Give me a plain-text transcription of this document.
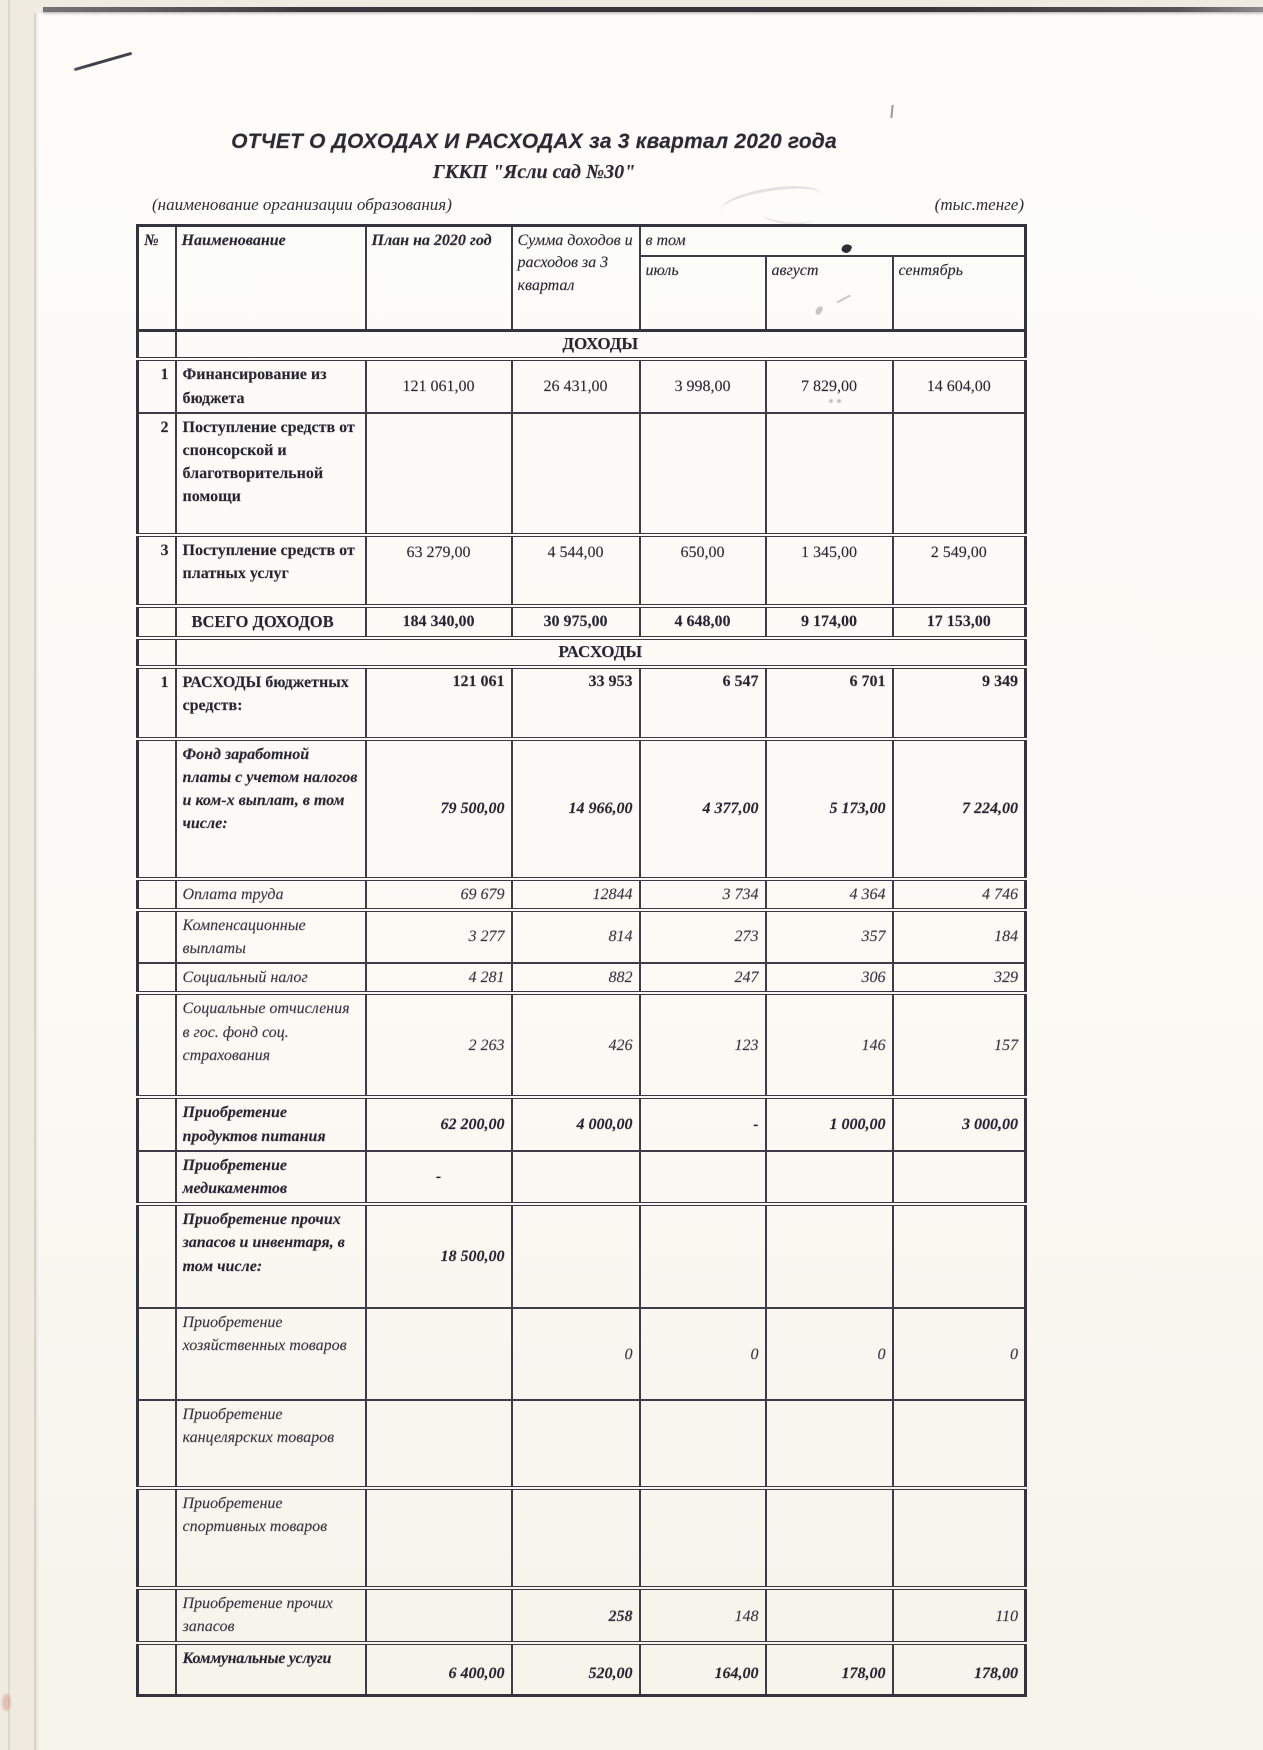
ОТЧЕТ О ДОХОДАХ И РАСХОДАХ за 3 квартал 2020 года
ГККП "Ясли сад №30"
(наименование организации образования)	(тыс.тенге)
№	Наименование	План на 2020 год	Сумма доходов и расходов за 3 квартал	в том		
				июль	август	сентябрь
	ДОХОДЫ					
1	Финансирование из бюджета	121 061,00	26 431,00	3 998,00	7 829,00	14 604,00
2	Поступление средств от спонсорской и благотворительной помощи					
3	Поступление средств от платных услуг	63 279,00	4 544,00	650,00	1 345,00	2 549,00
	ВСЕГО ДОХОДОВ	184 340,00	30 975,00	4 648,00	9 174,00	17 153,00
	РАСХОДЫ					
1	РАСХОДЫ бюджетных средств:	121 061	33 953	6 547	6 701	9 349
	Фонд заработной платы с учетом налогов и ком-х выплат, в том числе:	79 500,00	14 966,00	4 377,00	5 173,00	7 224,00
	Оплата труда	69 679	12844	3 734	4 364	4 746
	Компенсационные выплаты	3 277	814	273	357	184
	Социальный налог	4 281	882	247	306	329
	Социальные отчисления в гос. фонд соц. страхования	2 263	426	123	146	157
	Приобретение продуктов питания	62 200,00	4 000,00	-	1 000,00	3 000,00
	Приобретение медикаментов	-				
	Приобретение прочих запасов и инвентаря, в том числе:	18 500,00				
	Приобретение хозяйственных товаров		0	0	0	0
	Приобретение канцелярских товаров					
	Приобретение спортивных товаров					
	Приобретение прочих запасов		258	148		110
	Коммунальные услуги	6 400,00	520,00	164,00	178,00	178,00
